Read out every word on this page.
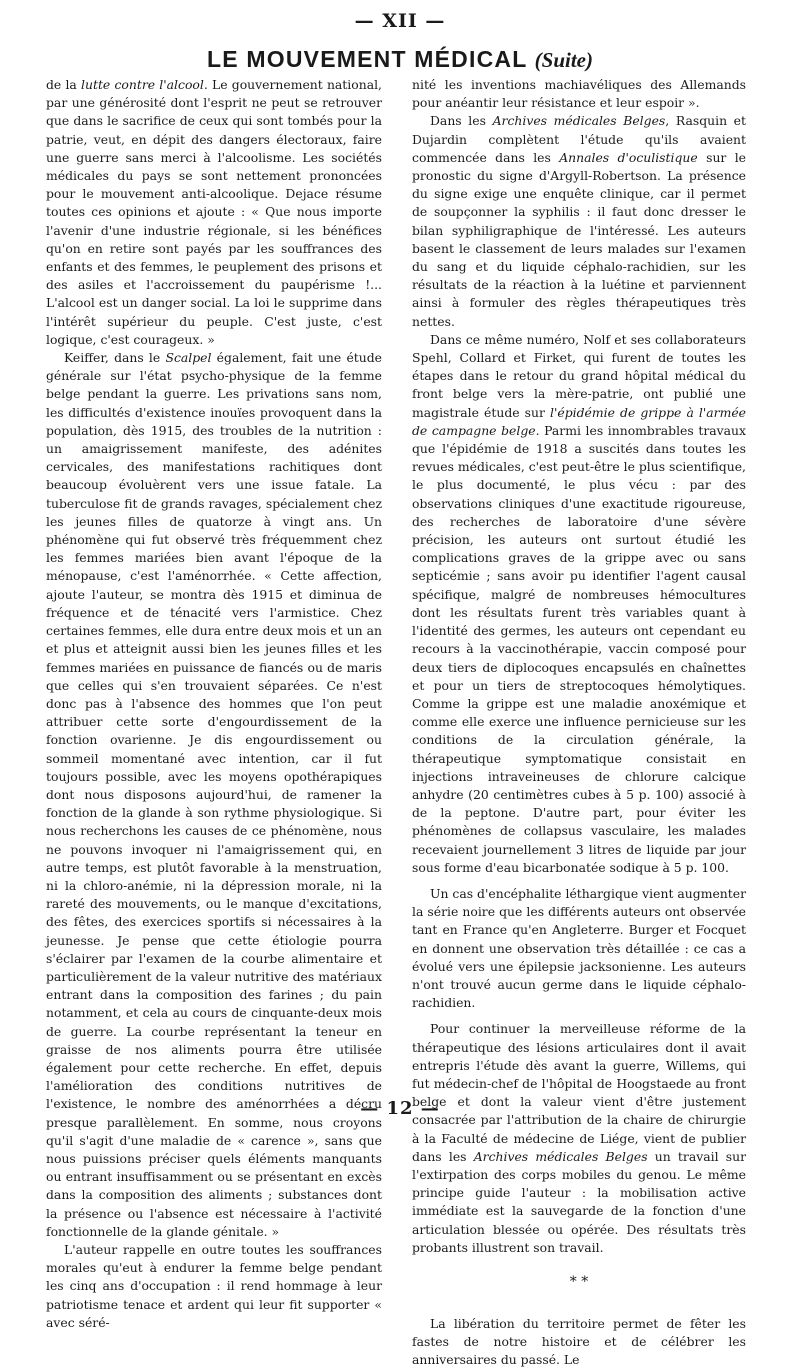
— XII —
LE MOUVEMENT MÉDICAL (Suite)

de la lutte contre l'alcool. Le gouvernement national, par une générosité dont l'esprit ne peut se retrouver que dans le sacrifice de ceux qui sont tombés pour la patrie, veut, en dépit des dangers électoraux, faire une guerre sans merci à l'alcoolisme. Les sociétés médicales du pays se sont nettement prononcées pour le mouvement anti-alcoolique. Dejace résume toutes ces opinions et ajoute : « Que nous importe l'avenir d'une industrie régionale, si les bénéfices qu'on en retire sont payés par les souffrances des enfants et des femmes, le peuplement des prisons et des asiles et l'accroissement du paupérisme !... L'alcool est un danger social. La loi le supprime dans l'intérêt supérieur du peuple. C'est juste, c'est logique, c'est courageux. »

Keiffer, dans le Scalpel également, fait une étude générale sur l'état psycho-physique de la femme belge pendant la guerre. Les privations sans nom, les difficultés d'existence inouïes provoquent dans la population, dès 1915, des troubles de la nutrition : un amaigrissement manifeste, des adénites cervicales, des manifestations rachitiques dont beaucoup évoluèrent vers une issue fatale. La tuberculose fit de grands ravages, spécialement chez les jeunes filles de quatorze à vingt ans. Un phénomène qui fut observé très fréquemment chez les femmes mariées bien avant l'époque de la ménopause, c'est l'aménorrhée. « Cette affection, ajoute l'auteur, se montra dès 1915 et diminua de fréquence et de ténacité vers l'armistice. Chez certaines femmes, elle dura entre deux mois et un an et plus et atteignit aussi bien les jeunes filles et les femmes mariées en puissance de fiancés ou de maris que celles qui s'en trouvaient séparées. Ce n'est donc pas à l'absence des hommes que l'on peut attribuer cette sorte d'engourdissement de la fonction ovarienne. Je dis engourdissement ou sommeil momentané avec intention, car il fut toujours possible, avec les moyens opothérapiques dont nous disposons aujourd'hui, de ramener la fonction de la glande à son rythme physiologique. Si nous recherchons les causes de ce phénomène, nous ne pouvons invoquer ni l'amaigrissement qui, en autre temps, est plutôt favorable à la menstruation, ni la chloro-anémie, ni la dépression morale, ni la rareté des mouvements, ou le manque d'excitations, des fêtes, des exercices sportifs si nécessaires à la jeunesse. Je pense que cette étiologie pourra s'éclairer par l'examen de la courbe alimentaire et particulièrement de la valeur nutritive des matériaux entrant dans la composition des farines ; du pain notamment, et cela au cours de cinquante-deux mois de guerre. La courbe représentant la teneur en graisse de nos aliments pourra être utilisée également pour cette recherche. En effet, depuis l'amélioration des conditions nutritives de l'existence, le nombre des aménorrhées a décru presque parallèlement. En somme, nous croyons qu'il s'agit d'une maladie de « carence », sans que nous puissions préciser quels éléments manquants ou entrant insuffisamment ou se présentant en excès dans la composition des aliments ; substances dont la présence ou l'absence est nécessaire à l'activité fonctionnelle de la glande génitale. »

L'auteur rappelle en outre toutes les souffrances morales qu'eut à endurer la femme belge pendant les cinq ans d'occupation : il rend hommage à leur patriotisme tenace et ardent qui leur fit supporter « avec séré-

nité les inventions machiavéliques des Allemands pour anéantir leur résistance et leur espoir ».

Dans les Archives médicales Belges, Rasquin et Dujardin complètent l'étude qu'ils avaient commencée dans les Annales d'oculistique sur le pronostic du signe d'Argyll-Robertson. La présence du signe exige une enquête clinique, car il permet de soupçonner la syphilis : il faut donc dresser le bilan syphiligraphique de l'intéressé. Les auteurs basent le classement de leurs malades sur l'examen du sang et du liquide céphalo-rachidien, sur les résultats de la réaction à la luétine et parviennent ainsi à formuler des règles thérapeutiques très nettes.

Dans ce même numéro, Nolf et ses collaborateurs Spehl, Collard et Firket, qui furent de toutes les étapes dans le retour du grand hôpital médical du front belge vers la mère-patrie, ont publié une magistrale étude sur l'épidémie de grippe à l'armée de campagne belge. Parmi les innombrables travaux que l'épidémie de 1918 a suscités dans toutes les revues médicales, c'est peut-être le plus scientifique, le plus documenté, le plus vécu : par des observations cliniques d'une exactitude rigoureuse, des recherches de laboratoire d'une sévère précision, les auteurs ont surtout étudié les complications graves de la grippe avec ou sans septicémie ; sans avoir pu identifier l'agent causal spécifique, malgré de nombreuses hémocultures dont les résultats furent très variables quant à l'identité des germes, les auteurs ont cependant eu recours à la vaccinothérapie, vaccin composé pour deux tiers de diplocoques encapsulés en chaînettes et pour un tiers de streptocoques hémolytiques. Comme la grippe est une maladie anoxémique et comme elle exerce une influence pernicieuse sur les conditions de la circulation générale, la thérapeutique symptomatique consistait en injections intraveineuses de chlorure calcique anhydre (20 centimètres cubes à 5 p. 100) associé à de la peptone. D'autre part, pour éviter les phénomènes de collapsus vasculaire, les malades recevaient journellement 3 litres de liquide par jour sous forme d'eau bicarbonatée sodique à 5 p. 100.

Un cas d'encéphalite léthargique vient augmenter la série noire que les différents auteurs ont observée tant en France qu'en Angleterre. Burger et Focquet en donnent une observation très détaillée : ce cas a évolué vers une épilepsie jacksonienne. Les auteurs n'ont trouvé aucun germe dans le liquide céphalo-rachidien.

Pour continuer la merveilleuse réforme de la thérapeutique des lésions articulaires dont il avait entrepris l'étude dès avant la guerre, Willems, qui fut médecin-chef de l'hôpital de Hoogstaede au front belge et dont la valeur vient d'être justement consacrée par l'attribution de la chaire de chirurgie à la Faculté de médecine de Liége, vient de publier dans les Archives médicales Belges un travail sur l'extirpation des corps mobiles du genou. Le même principe guide l'auteur : la mobilisation active immédiate est la sauvegarde de la fonction d'une articulation blessée ou opérée. Des résultats très probants illustrent son travail.

* *

La libération du territoire permet de fêter les fastes de notre histoire et de célébrer les anniversaires du passé. Le

— 12 —
